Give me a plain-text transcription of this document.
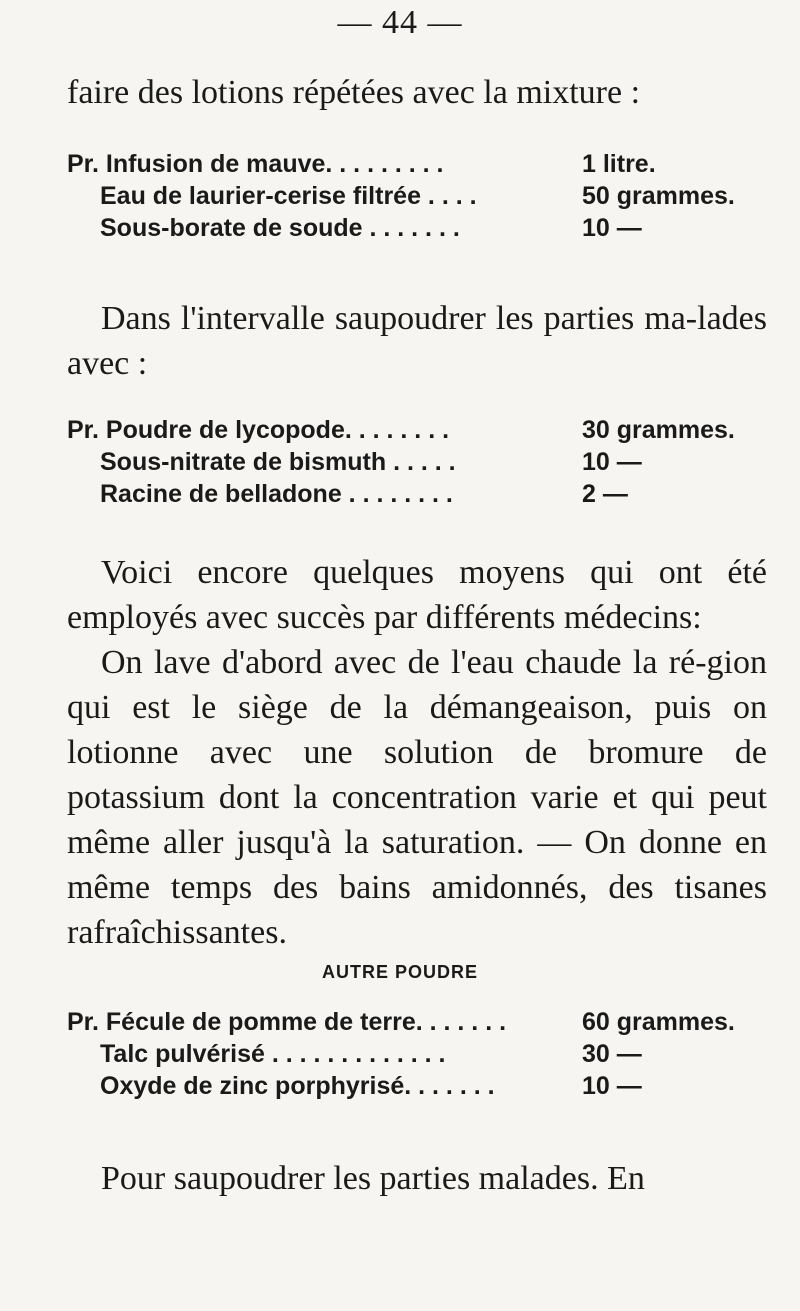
— 44 —

faire des lotions répétées avec la mixture :

Pr. Infusion de mauve. . . . . . . . .	1 litre.
Eau de laurier-cerise filtrée . . . .	50 grammes.
Sous-borate de soude . . . . . . .	10 —

Dans l'intervalle saupoudrer les parties ma-lades avec :

Pr. Poudre de lycopode. . . . . . . .	30 grammes.
Sous-nitrate de bismuth . . . . .	10 —
Racine de belladone . . . . . . . .	2 —

Voici encore quelques moyens qui ont été employés avec succès par différents médecins:

On lave d'abord avec de l'eau chaude la ré-gion qui est le siège de la démangeaison, puis on lotionne avec une solution de bromure de potassium dont la concentration varie et qui peut même aller jusqu'à la saturation. — On donne en même temps des bains amidonnés, des tisanes rafraîchissantes.

AUTRE POUDRE
Pr. Fécule de pomme de terre. . . . . . .	60 grammes.
Talc pulvérisé . . . . . . . . . . . . .	30 —
Oxyde de zinc porphyrisé. . . . . . .	10 —

Pour saupoudrer les parties malades. En
